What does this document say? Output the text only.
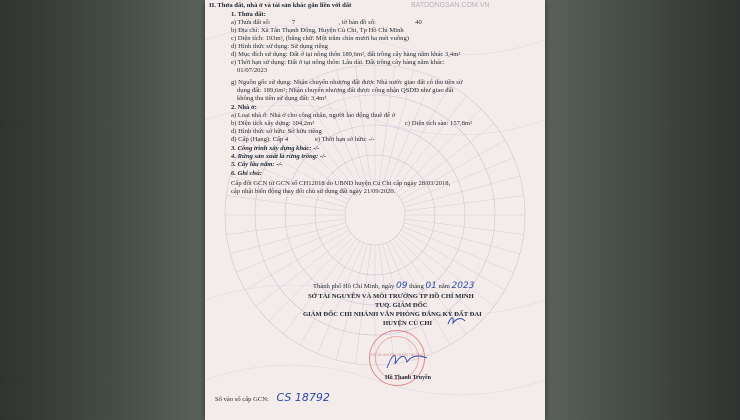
II. Thửa đất, nhà ở và tài sản khác gắn liền với đất	BATDONGSAN.COM.VN
1. Thửa đất:
a) Thửa đất số:	7	, tờ bản đồ số:	40
b) Địa chỉ: Xã Tân Thạnh Đông, Huyện Củ Chi, Tp Hồ Chí Minh
c) Diện tích: 193m², (bằng chữ: Một trăm chín mươi ba mét vuông)
d) Hình thức sử dụng: Sử dụng riêng
đ) Mục đích sử dụng: Đất ở tại nông thôn 189,6m², đất trồng cây hàng năm khác 3,4m²
e) Thời hạn sử dụng: Đất ở tại nông thôn: Lâu dài. Đất trồng cây hàng năm khác:
01/07/2023
g) Nguồn gốc sử dụng: Nhận chuyển nhượng đất được Nhà nước giao đất có thu tiền sử
dụng đất: 189,6m²; Nhận chuyển nhượng đất được công nhận QSDĐ như giao đất
không thu tiền sử dụng đất: 3,4m²
2. Nhà ở:
a) Loại nhà ở: Nhà ở cho công nhân, người lao động thuê để ở
b) Diện tích xây dựng: 104,2m²	c) Diện tích sàn: 157,8m²
d) Hình thức sở hữu: Sở hữu riêng
đ) Cấp (Hạng): Cấp 4	e) Thời hạn sở hữu: -/-
3. Công trình xây dựng khác: -/-
4. Rừng sản xuất là rừng trồng: -/-
5. Cây lâu năm: -/-
6. Ghi chú:
Cấp đổi GCN từ GCN số CH12018 do UBND huyện Củ Chi cấp ngày 28/03/2018,
cập nhật biến động thay đổi chủ sử dụng đất ngày 21/09/2020.
Thành phố Hồ Chí Minh, ngày 09 tháng 01 năm 2023
SỞ TÀI NGUYÊN VÀ MÔI TRƯỜNG TP HỒ CHÍ MINH
TUQ. GIÁM ĐỐC
GIÁM ĐỐC CHI NHÁNH VĂN PHÒNG ĐĂNG KÝ ĐẤT ĐAI
HUYỆN CỦ CHI
SỞ TÀI NGUYÊN VÀ MÔI TRƯỜNG
Hồ Thanh Truyền
Số vào sổ cấp GCN: CS 18792
